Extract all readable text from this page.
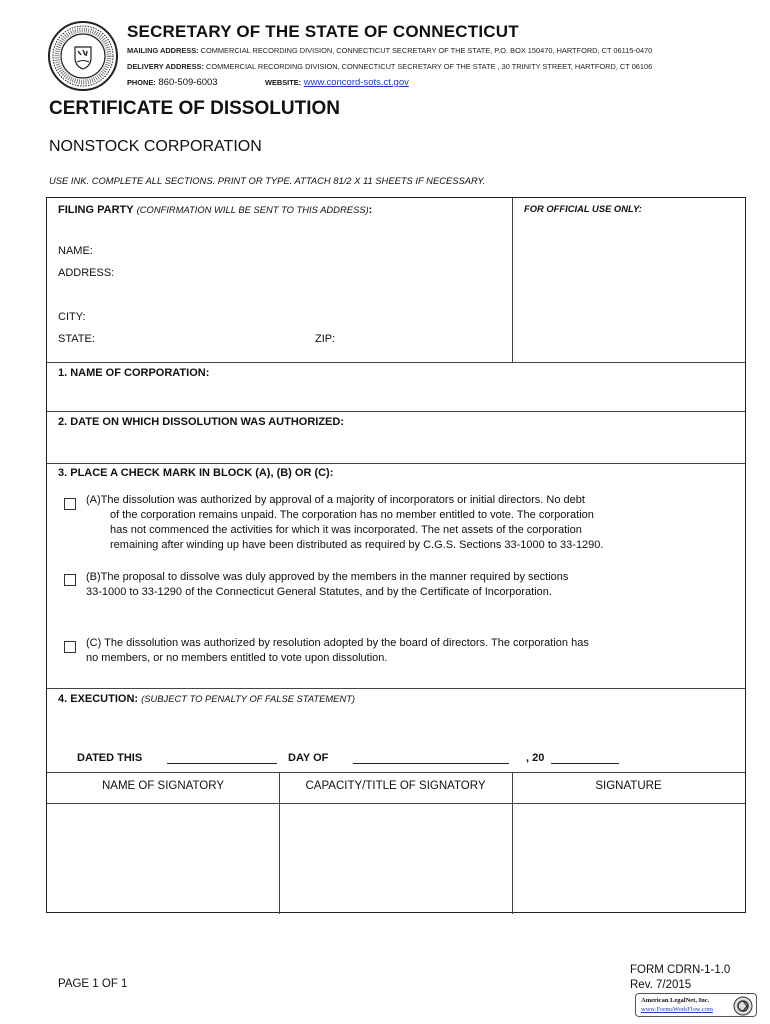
SECRETARY OF THE STATE OF CONNECTICUT
MAILING ADDRESS: COMMERCIAL RECORDING DIVISION, CONNECTICUT SECRETARY OF THE STATE, P.O. BOX 150470, HARTFORD, CT 06115-0470
DELIVERY ADDRESS: COMMERCIAL RECORDING DIVISION, CONNECTICUT SECRETARY OF THE STATE , 30 TRINITY STREET, HARTFORD, CT 06106
PHONE: 860-509-6003	WEBSITE: www.concord-sots.ct.gov
CERTIFICATE OF DISSOLUTION
NONSTOCK CORPORATION
USE INK. COMPLETE ALL SECTIONS. PRINT OR TYPE. ATTACH 81/2 X 11 SHEETS IF NECESSARY.
FILING PARTY (CONFIRMATION WILL BE SENT TO THIS ADDRESS):	FOR OFFICIAL USE ONLY:
NAME:
ADDRESS:
CITY:
STATE:	ZIP:
1. NAME OF CORPORATION:
2. DATE ON WHICH DISSOLUTION WAS AUTHORIZED:
3. PLACE A CHECK MARK IN BLOCK (A), (B) OR (C):
(A)The dissolution was authorized by approval of a majority of incorporators or initial directors. No debt
of the corporation remains unpaid. The corporation has no member entitled to vote. The corporation
has not commenced the activities for which it was incorporated. The net assets of the corporation
remaining after winding up have been distributed as required by C.G.S. Sections 33-1000 to 33-1290.
(B)The proposal to dissolve was duly approved by the members in the manner required by sections
33-1000 to 33-1290 of the Connecticut General Statutes, and by the Certificate of Incorporation.
(C) The dissolution was authorized by resolution adopted by the board of directors. The corporation has
no members, or no members entitled to vote upon dissolution.
4. EXECUTION: (SUBJECT TO PENALTY OF FALSE STATEMENT)
DATED THIS	DAY OF	, 20
NAME OF SIGNATORY	CAPACITY/TITLE OF SIGNATORY	SIGNATURE
PAGE 1 OF 1
FORM CDRN-1-1.0
Rev. 7/2015
American LegalNet, Inc.
www.FormsWorkFlow.com
